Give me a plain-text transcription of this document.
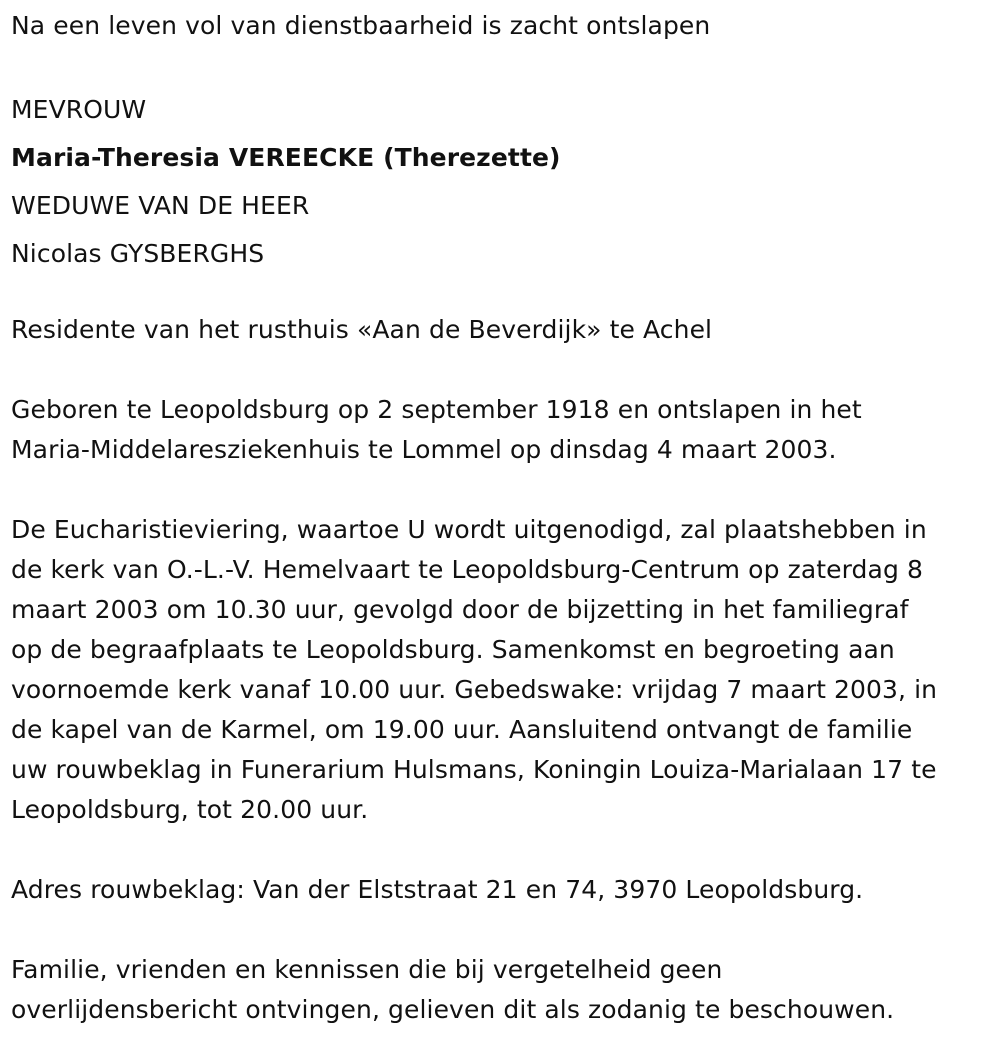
Na een leven vol van dienstbaarheid is zacht ontslapen

MEVROUW

Maria-Theresia VEREECKE (Therezette)

WEDUWE VAN DE HEER

Nicolas GYSBERGHS

Residente van het rusthuis «Aan de Beverdijk» te Achel

Geboren te Leopoldsburg op 2 september 1918 en ontslapen in het

Maria-Middelaresziekenhuis te Lommel op dinsdag 4 maart 2003.

De Eucharistieviering, waartoe U wordt uitgenodigd, zal plaatshebben in

de kerk van O.-L.-V. Hemelvaart te Leopoldsburg-Centrum op zaterdag 8

maart 2003 om 10.30 uur, gevolgd door de bijzetting in het familiegraf

op de begraafplaats te Leopoldsburg. Samenkomst en begroeting aan

voornoemde kerk vanaf 10.00 uur. Gebedswake: vrijdag 7 maart 2003, in

de kapel van de Karmel, om 19.00 uur. Aansluitend ontvangt de familie

uw rouwbeklag in Funerarium Hulsmans, Koningin Louiza-Marialaan 17 te

Leopoldsburg, tot 20.00 uur.

Adres rouwbeklag: Van der Elststraat 21 en 74, 3970 Leopoldsburg.

Familie, vrienden en kennissen die bij vergetelheid geen

overlijdensbericht ontvingen, gelieven dit als zodanig te beschouwen.
